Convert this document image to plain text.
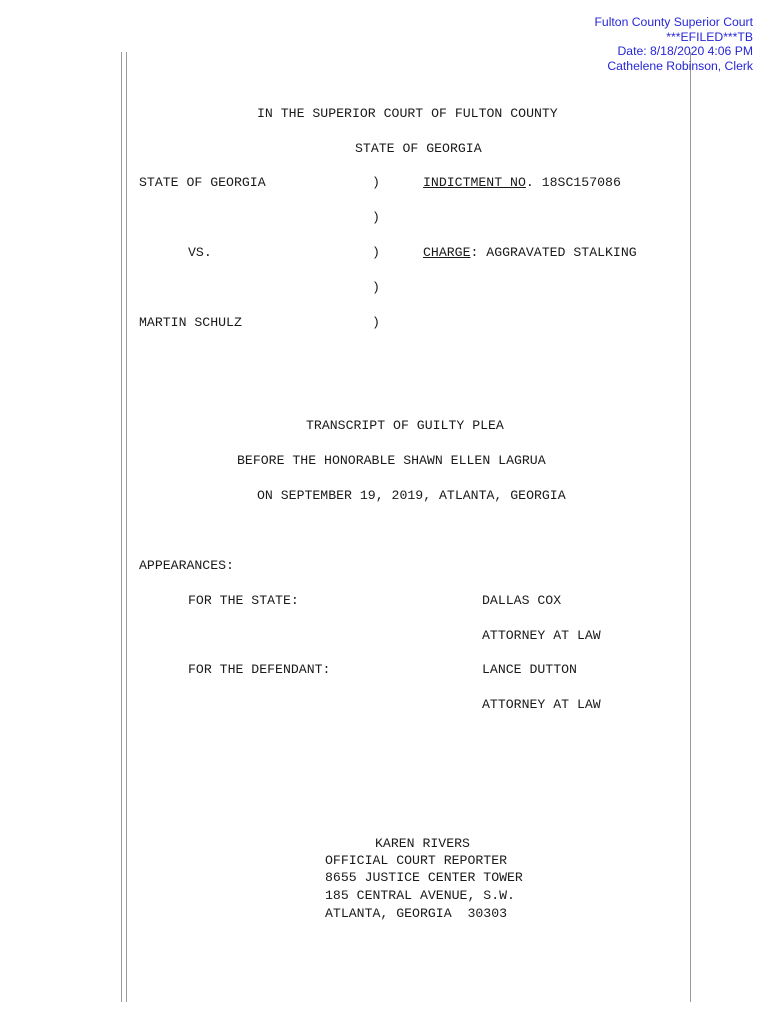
Fulton County Superior Court
***EFILED***TB
Date: 8/18/2020 4:06 PM
Cathelene Robinson, Clerk
IN THE SUPERIOR COURT OF FULTON COUNTY
STATE OF GEORGIA
STATE OF GEORGIA	)	INDICTMENT NO. 18SC157086
)
VS.	)	CHARGE: AGGRAVATED STALKING
)
MARTIN SCHULZ	)
TRANSCRIPT OF GUILTY PLEA
BEFORE THE HONORABLE SHAWN ELLEN LAGRUA
ON SEPTEMBER 19, 2019, ATLANTA, GEORGIA
APPEARANCES:
FOR THE STATE:	DALLAS COX
ATTORNEY AT LAW
FOR THE DEFENDANT:	LANCE DUTTON
ATTORNEY AT LAW
KAREN RIVERS
OFFICIAL COURT REPORTER
8655 JUSTICE CENTER TOWER
185 CENTRAL AVENUE, S.W.
ATLANTA, GEORGIA  30303
